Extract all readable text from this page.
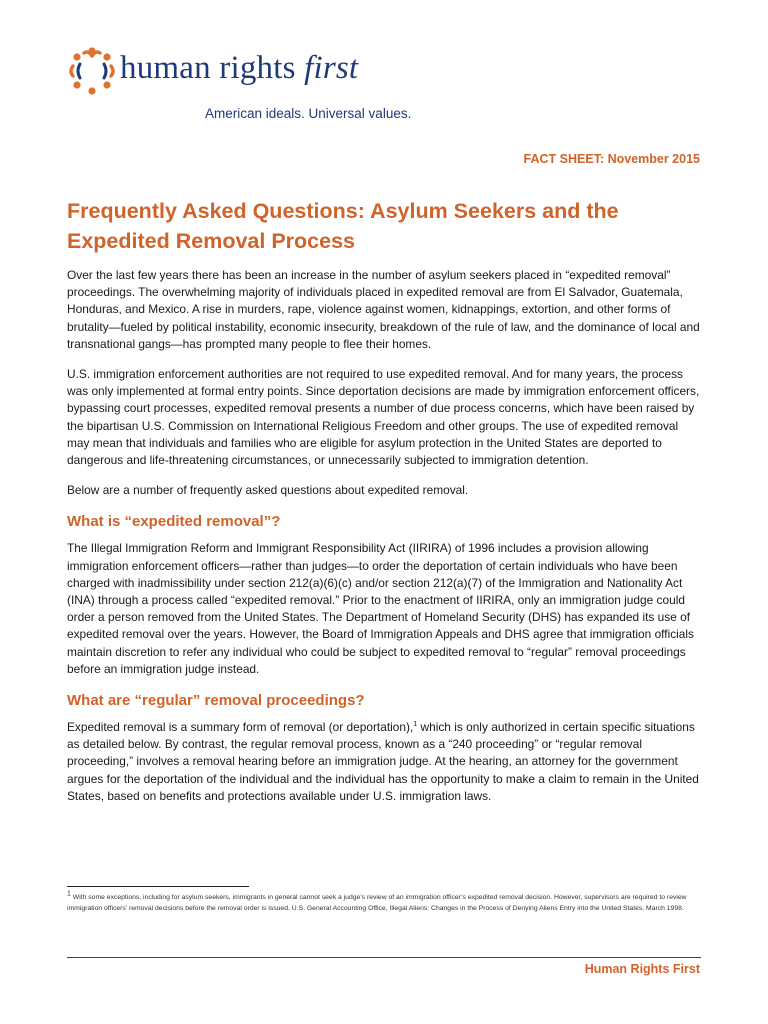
human rights first
American ideals. Universal values.
FACT SHEET: November 2015
Frequently Asked Questions: Asylum Seekers and the Expedited Removal Process

Over the last few years there has been an increase in the number of asylum seekers placed in “expedited removal” proceedings. The overwhelming majority of individuals placed in expedited removal are from El Salvador, Guatemala, Honduras, and Mexico. A rise in murders, rape, violence against women, kidnappings, extortion, and other forms of brutality—fueled by political instability, economic insecurity, breakdown of the rule of law, and the dominance of local and transnational gangs—has prompted many people to flee their homes.

U.S. immigration enforcement authorities are not required to use expedited removal. And for many years, the process was only implemented at formal entry points. Since deportation decisions are made by immigration enforcement officers, bypassing court processes, expedited removal presents a number of due process concerns, which have been raised by the bipartisan U.S. Commission on International Religious Freedom and other groups. The use of expedited removal may mean that individuals and families who are eligible for asylum protection in the United States are deported to dangerous and life-threatening circumstances, or unnecessarily subjected to immigration detention.

Below are a number of frequently asked questions about expedited removal.

What is “expedited removal”?

The Illegal Immigration Reform and Immigrant Responsibility Act (IIRIRA) of 1996 includes a provision allowing immigration enforcement officers—rather than judges—to order the deportation of certain individuals who have been charged with inadmissibility under section 212(a)(6)(c) and/or section 212(a)(7) of the Immigration and Nationality Act (INA) through a process called “expedited removal.” Prior to the enactment of IIRIRA, only an immigration judge could order a person removed from the United States. The Department of Homeland Security (DHS) has expanded its use of expedited removal over the years. However, the Board of Immigration Appeals and DHS agree that immigration officials maintain discretion to refer any individual who could be subject to expedited removal to “regular” removal proceedings before an immigration judge instead.

What are “regular” removal proceedings?

Expedited removal is a summary form of removal (or deportation),$^1$ which is only authorized in certain specific situations as detailed below. By contrast, the regular removal process, known as a “240 proceeding” or “regular removal proceeding,” involves a removal hearing before an immigration judge. At the hearing, an attorney for the government argues for the deportation of the individual and the individual has the opportunity to make a claim to remain in the United States, based on benefits and protections available under U.S. immigration laws.

$^1$ With some exceptions, including for asylum seekers, immigrants in general cannot seek a judge’s review of an immigration officer’s expedited removal decision. However, supervisors are required to review immigration officers’ removal decisions before the removal order is issued. U.S. General Accounting Office, Illegal Aliens: Changes in the Process of Denying Aliens Entry into the United States, March 1998.

Human Rights First
